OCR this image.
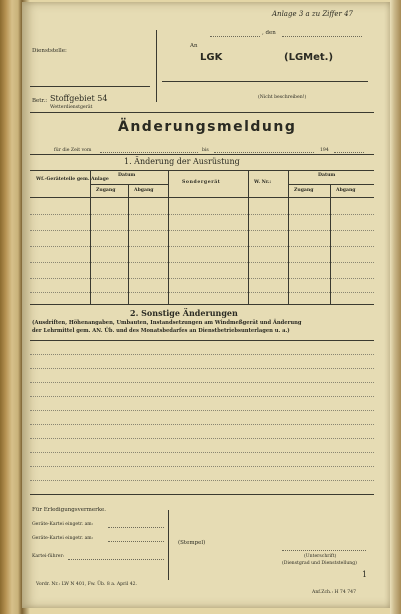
Anlage 3 a zu Ziffer 47
, den
Dienststelle:
An
LGK	(LGMet.)
Betr.: Stoffgebiet 54
Wetterdienstgerät
(Nicht beschreiben!)
Änderungsmeldung
für die Zeit vom	bis	194
1. Änderung der Ausrüstung
Wf.-Geräteteile gem. Anlage
Datum
Zugang	Abgang
Sondergerät	W. Nr.:
Datum
Zugang	Abgang
2. Sonstige Änderungen
(Ausdriften, Höhenangaben, Umbauten, Instandsetzungen am Windmeßgerät und Änderung
der Lehrmittel gem. AN. Üb. und des Monatsbedarfes an Dienstbetriebsunterlagen u. a.)
Für Erledigungsvermerke.
Geräte-Kartei eingetr. am:
Geräte-Kartei eingetr. am:
Kartei-führer:
(Stempel)
(Unterschrift)
(Dienstgrad und Dienststellung)
1
Vordr. Nr.: LW N 401, Fw. Üb. 8 a. April 42.
Anf.Zch.: H 74 747
